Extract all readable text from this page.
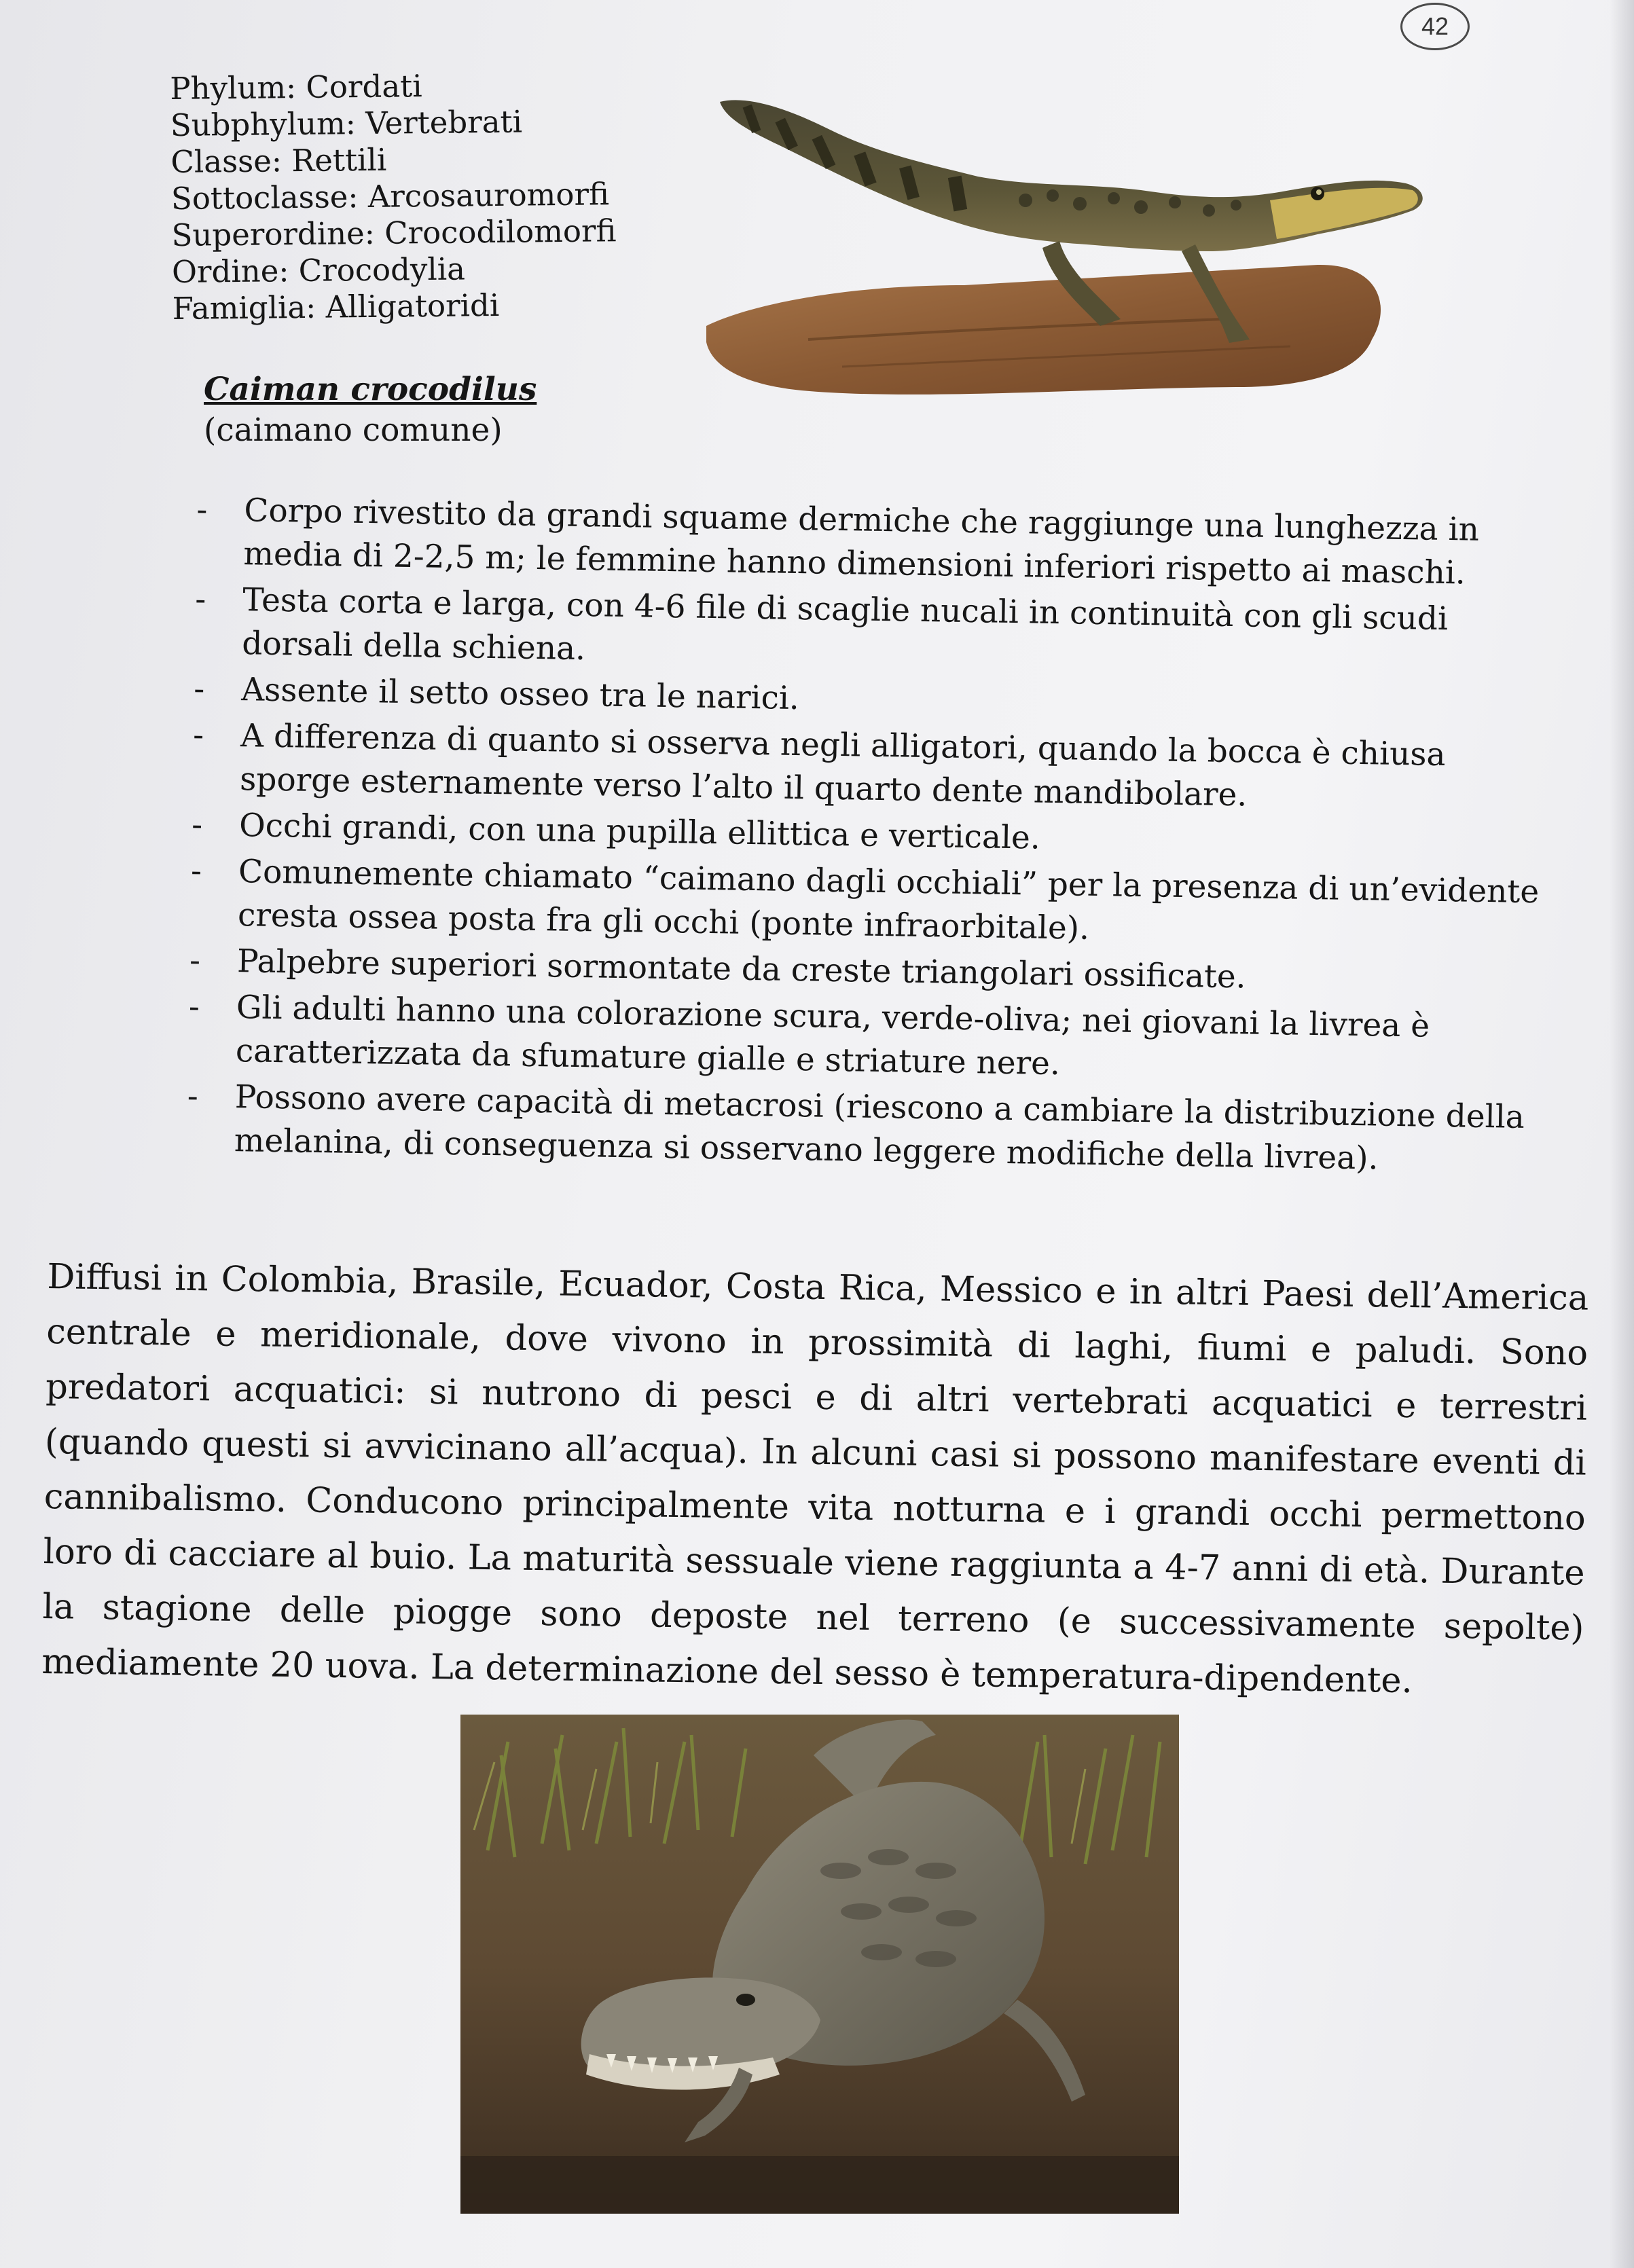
42
Phylum: Cordati
Subphylum: Vertebrati
Classe: Rettili
Sottoclasse: Arcosauromorfi
Superordine: Crocodilomorfi
Ordine: Crocodylia
Famiglia: Alligatoridi
Caiman crocodilus
(caimano comune)
- Corpo rivestito da grandi squame dermiche che raggiunge una lunghezza in media di 2-2,5 m; le femmine hanno dimensioni inferiori rispetto ai maschi.
- Testa corta e larga, con 4-6 file di scaglie nucali in continuità con gli scudi dorsali della schiena.
- Assente il setto osseo tra le narici.
- A differenza di quanto si osserva negli alligatori, quando la bocca è chiusa sporge esternamente verso l’alto il quarto dente mandibolare.
- Occhi grandi, con una pupilla ellittica e verticale.
- Comunemente chiamato “caimano dagli occhiali” per la presenza di un’evidente cresta ossea posta fra gli occhi (ponte infraorbitale).
- Palpebre superiori sormontate da creste triangolari ossificate.
- Gli adulti hanno una colorazione scura, verde-oliva; nei giovani la livrea è caratterizzata da sfumature gialle e striature nere.
- Possono avere capacità di metacrosi (riescono a cambiare la distribuzione della melanina, di conseguenza si osservano leggere modifiche della livrea).

Diffusi in Colombia, Brasile, Ecuador, Costa Rica, Messico e in altri Paesi dell’America centrale e meridionale, dove vivono in prossimità di laghi, fiumi e paludi. Sono predatori acquatici: si nutrono di pesci e di altri vertebrati acquatici e terrestri (quando questi si avvicinano all’acqua). In alcuni casi si possono manifestare eventi di cannibalismo. Conducono principalmente vita notturna e i grandi occhi permettono loro di cacciare al buio. La maturità sessuale viene raggiunta a 4-7 anni di età. Durante la stagione delle piogge sono deposte nel terreno (e successivamente sepolte) mediamente 20 uova. La determinazione del sesso è temperatura-dipendente.
